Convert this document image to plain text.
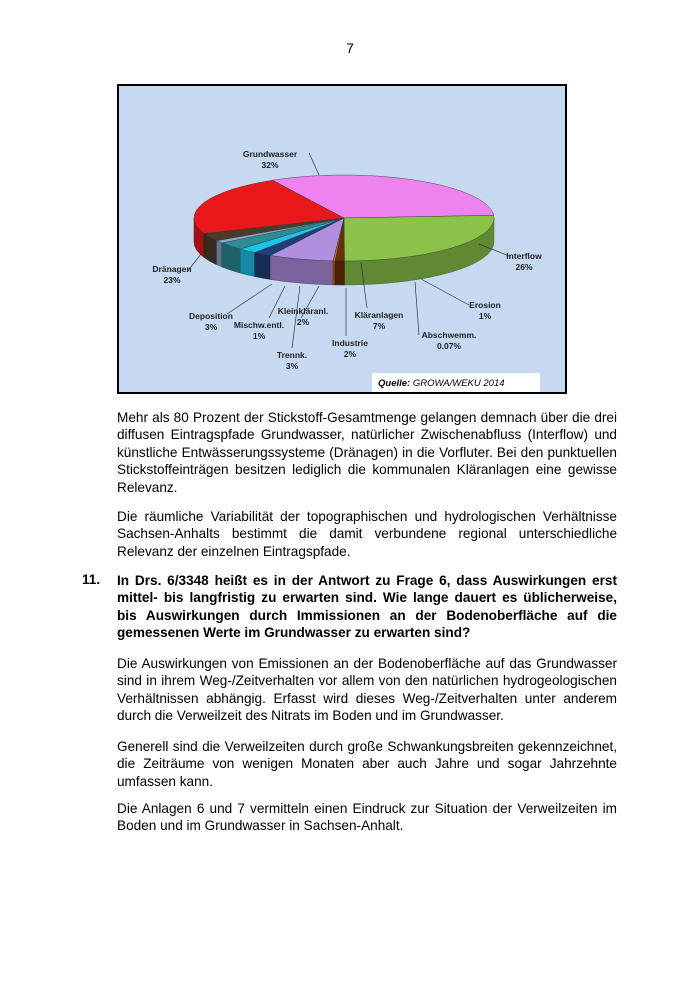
7
Grundwasser
32%
Interflow
26%
Erosion
1%
Abschwemm.
0.07%
Kläranlagen
7%
Industrie
2%
Kleinkläranl.
2%
Trennk.
3%
Mischw.entl.
1%
Deposition
3%
Dränagen
23%
Quelle: GROWA/WEKU 2014

Mehr als 80 Prozent der Stickstoff-Gesamtmenge gelangen demnach über die drei diffusen Eintragspfade Grundwasser, natürlicher Zwischenabfluss (Interflow) und künstliche Entwässerungssysteme (Dränagen) in die Vorfluter. Bei den punktuellen Stickstoffeinträgen besitzen lediglich die kommunalen Kläranlagen eine gewisse Relevanz.

Die räumliche Variabilität der topographischen und hydrologischen Verhältnisse Sachsen-Anhalts bestimmt die damit verbundene regional unterschiedliche Relevanz der einzelnen Eintragspfade.

11. In Drs. 6/3348 heißt es in der Antwort zu Frage 6, dass Auswirkungen erst mittel- bis langfristig zu erwarten sind. Wie lange dauert es üblicherweise, bis Auswirkungen durch Immissionen an der Bodenoberfläche auf die gemessenen Werte im Grundwasser zu erwarten sind?

Die Auswirkungen von Emissionen an der Bodenoberfläche auf das Grundwasser sind in ihrem Weg-/Zeitverhalten vor allem von den natürlichen hydrogeologischen Verhältnissen abhängig. Erfasst wird dieses Weg-/Zeitverhalten unter anderem durch die Verweilzeit des Nitrats im Boden und im Grundwasser.

Generell sind die Verweilzeiten durch große Schwankungsbreiten gekennzeichnet, die Zeiträume von wenigen Monaten aber auch Jahre und sogar Jahrzehnte umfassen kann.

Die Anlagen 6 und 7 vermitteln einen Eindruck zur Situation der Verweilzeiten im Boden und im Grundwasser in Sachsen-Anhalt.
